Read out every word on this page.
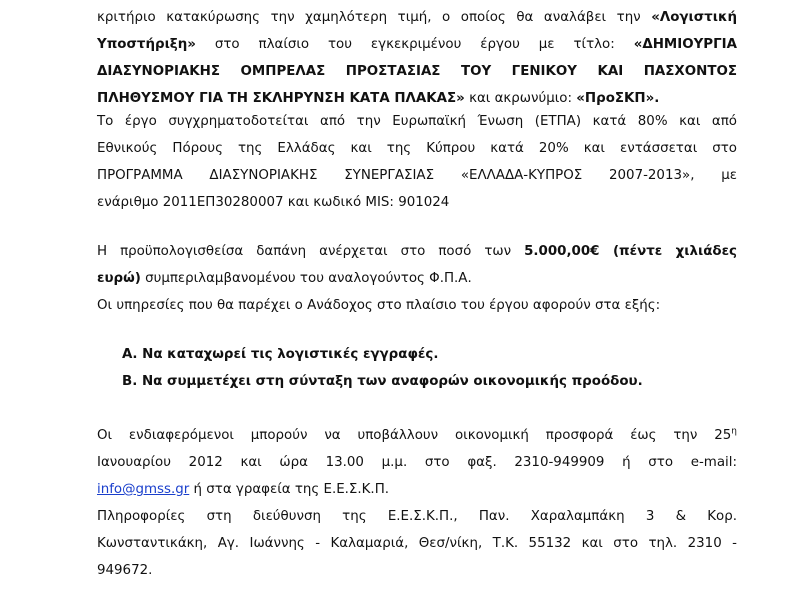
κριτήριο κατακύρωσης την χαμηλότερη τιμή, ο οποίος θα αναλάβει την «Λογιστική
Υποστήριξη» στο πλαίσιο του εγκεκριμένου έργου με τίτλο: «ΔΗΜΙΟΥΡΓΙΑ
ΔΙΑΣΥΝΟΡΙΑΚΗΣ ΟΜΠΡΕΛΑΣ ΠΡΟΣΤΑΣΙΑΣ ΤΟΥ ΓΕΝΙΚΟΥ ΚΑΙ ΠΑΣΧΟΝΤΟΣ
ΠΛΗΘΥΣΜΟΥ ΓΙΑ ΤΗ ΣΚΛΗΡΥΝΣΗ ΚΑΤΑ ΠΛΑΚΑΣ» και ακρωνύμιο: «ΠροΣΚΠ».
Το έργο συγχρηματοδοτείται από την Ευρωπαϊκή Ένωση (ΕΤΠΑ) κατά 80% και από
Εθνικούς Πόρους της Ελλάδας και της Κύπρου κατά 20% και εντάσσεται στο
ΠΡΟΓΡΑΜΜΑ ΔΙΑΣΥΝΟΡΙΑΚΗΣ ΣΥΝΕΡΓΑΣΙΑΣ «ΕΛΛΑΔΑ-ΚΥΠΡΟΣ 2007-2013», με
ενάριθμο 2011ΕΠ30280007 και κωδικό MIS: 901024
Η προϋπολογισθείσα δαπάνη ανέρχεται στο ποσό των 5.000,00€ (πέντε χιλιάδες
ευρώ) συμπεριλαμβανομένου του αναλογούντος Φ.Π.Α.
Οι υπηρεσίες που θα παρέχει ο Ανάδοχος στο πλαίσιο του έργου αφορούν στα εξής:
Α. Να καταχωρεί τις λογιστικές εγγραφές.
Β. Να συμμετέχει στη σύνταξη των αναφορών οικονομικής προόδου.
Οι ενδιαφερόμενοι μπορούν να υποβάλλουν οικονομική προσφορά έως την $25^\eta$
Ιανουαρίου 2012 και ώρα 13.00 μ.μ. στο φαξ. 2310-949909 ή στο e-mail:
info@gmss.gr ή στα γραφεία της Ε.Ε.Σ.Κ.Π.
Πληροφορίες στη διεύθυνση της Ε.Ε.Σ.Κ.Π., Παν. Χαραλαμπάκη 3 & Κορ.
Κωνσταντικάκη, Αγ. Ιωάννης - Καλαμαριά, Θεσ/νίκη, Τ.Κ. 55132 και στο τηλ. 2310 -
949672.
